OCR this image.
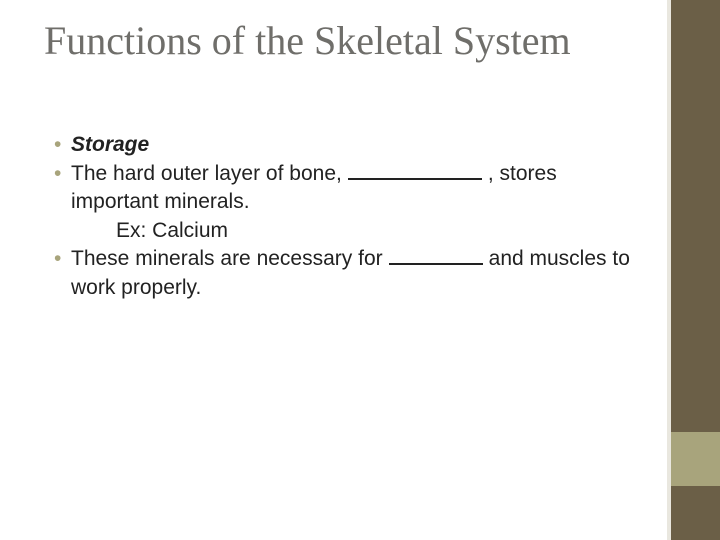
Functions of the Skeletal System

• Storage

• The hard outer layer of bone,	, stores important minerals.

Ex: Calcium

• These minerals are necessary for	and muscles to work properly.
